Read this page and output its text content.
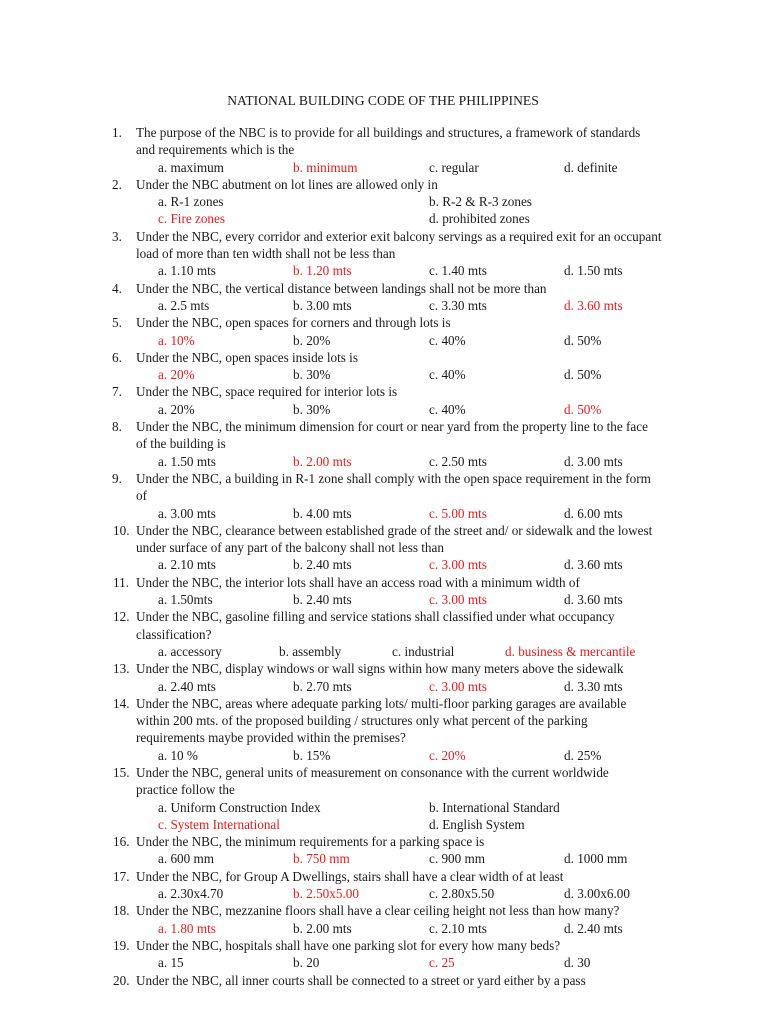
NATIONAL BUILDING CODE OF THE PHILIPPINES
1. The purpose of the NBC is to provide for all buildings and structures, a framework of standards and requirements which is the
a. maximum	b. minimum	c. regular	d. definite
2. Under the NBC abutment on lot lines are allowed only in
a. R-1 zones	b. R-2 & R-3 zones
c. Fire zones	d. prohibited zones
3. Under the NBC, every corridor and exterior exit balcony servings as a required exit for an occupant load of more than ten width shall not be less than
a. 1.10 mts	b. 1.20 mts	c. 1.40 mts	d. 1.50 mts
4. Under the NBC, the vertical distance between landings shall not be more than
a. 2.5 mts	b. 3.00 mts	c. 3.30 mts	d. 3.60 mts
5. Under the NBC, open spaces for corners and through lots is
a. 10%	b. 20%	c. 40%	d. 50%
6. Under the NBC, open spaces inside lots is
a. 20%	b. 30%	c. 40%	d. 50%
7. Under the NBC, space required for interior lots is
a. 20%	b. 30%	c. 40%	d. 50%
8. Under the NBC, the minimum dimension for court or near yard from the property line to the face of the building is
a. 1.50 mts	b. 2.00 mts	c. 2.50 mts	d. 3.00 mts
9. Under the NBC, a building in R-1 zone shall comply with the open space requirement in the form of
a. 3.00 mts	b. 4.00 mts	c. 5.00 mts	d. 6.00 mts
10. Under the NBC, clearance between established grade of the street and/ or sidewalk and the lowest under surface of any part of the balcony shall not less than
a. 2.10 mts	b. 2.40 mts	c. 3.00 mts	d. 3.60 mts
11. Under the NBC, the interior lots shall have an access road with a minimum width of
a. 1.50mts	b. 2.40 mts	c. 3.00 mts	d. 3.60 mts
12. Under the NBC, gasoline filling and service stations shall classified under what occupancy classification?
a. accessory	b. assembly	c. industrial	d. business & mercantile
13. Under the NBC, display windows or wall signs within how many meters above the sidewalk
a. 2.40 mts	b. 2.70 mts	c. 3.00 mts	d. 3.30 mts
14. Under the NBC, areas where adequate parking lots/ multi-floor parking garages are available within 200 mts. of the proposed building / structures only what percent of the parking requirements maybe provided within the premises?
a. 10 %	b. 15%	c. 20%	d. 25%
15. Under the NBC, general units of measurement on consonance with the current worldwide practice follow the
a. Uniform Construction Index	b. International Standard
c. System International	d. English System
16. Under the NBC, the minimum requirements for a parking space is
a. 600 mm	b. 750 mm	c. 900 mm	d. 1000 mm
17. Under the NBC, for Group A Dwellings, stairs shall have a clear width of at least
a. 2.30x4.70	b. 2.50x5.00	c. 2.80x5.50	d. 3.00x6.00
18. Under the NBC, mezzanine floors shall have a clear ceiling height not less than how many?
a. 1.80 mts	b. 2.00 mts	c. 2.10 mts	d. 2.40 mts
19. Under the NBC, hospitals shall have one parking slot for every how many beds?
a. 15	b. 20	c. 25	d. 30
20. Under the NBC, all inner courts shall be connected to a street or yard either by a pass
